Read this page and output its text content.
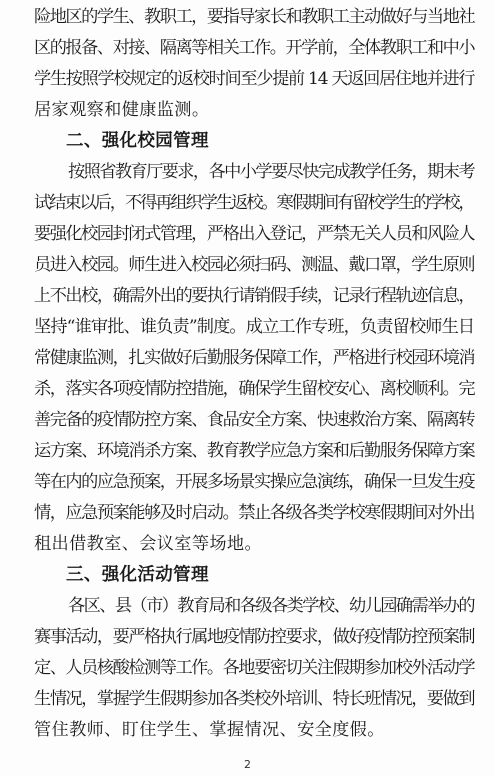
险地区的学生、教职工，要指导家长和教职工主动做好与当地社
区的报备、对接、隔离等相关工作。开学前，全体教职工和中小
学生按照学校规定的返校时间至少提前 14 天返回居住地并进行
居家观察和健康监测。
二、强化校园管理
按照省教育厅要求，各中小学要尽快完成教学任务，期末考
试结束以后，不得再组织学生返校。寒假期间有留校学生的学校，
要强化校园封闭式管理，严格出入登记，严禁无关人员和风险人
员进入校园。师生进入校园必须扫码、测温、戴口罩，学生原则
上不出校，确需外出的要执行请销假手续，记录行程轨迹信息，
坚持“谁审批、谁负责”制度。成立工作专班，负责留校师生日
常健康监测，扎实做好后勤服务保障工作，严格进行校园环境消
杀，落实各项疫情防控措施，确保学生留校安心、离校顺利。完
善完备的疫情防控方案、食品安全方案、快速救治方案、隔离转
运方案、环境消杀方案、教育教学应急方案和后勤服务保障方案
等在内的应急预案，开展多场景实操应急演练，确保一旦发生疫
情，应急预案能够及时启动。禁止各级各类学校寒假期间对外出
租出借教室、会议室等场地。
三、强化活动管理
各区、县（市）教育局和各级各类学校、幼儿园确需举办的
赛事活动，要严格执行属地疫情防控要求，做好疫情防控预案制
定、人员核酸检测等工作。各地要密切关注假期参加校外活动学
生情况，掌握学生假期参加各类校外培训、特长班情况，要做到
管住教师、盯住学生、掌握情况、安全度假。
2
